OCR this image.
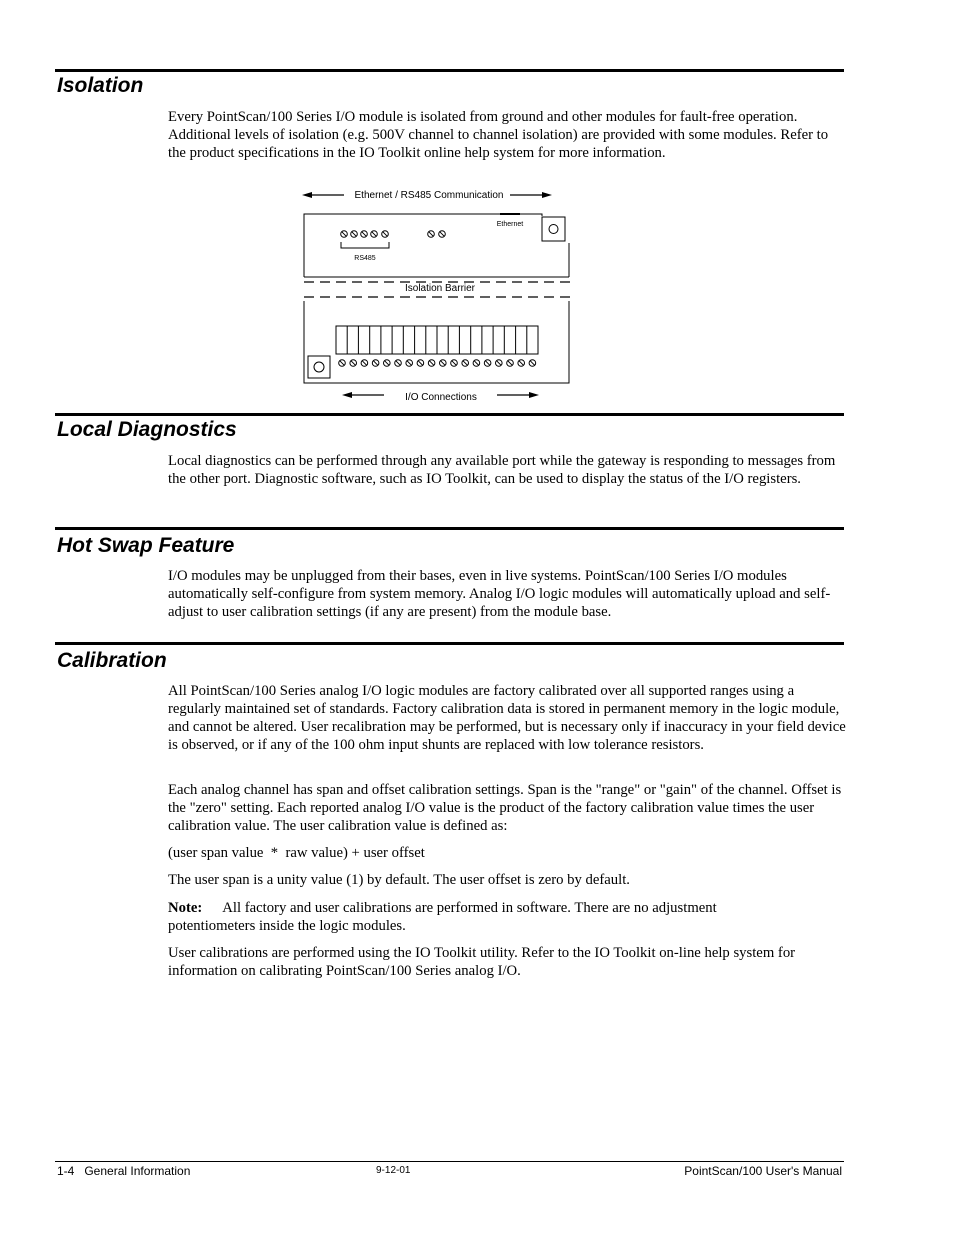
Isolation

Every PointScan/100 Series I/O module is isolated from ground and other modules for fault-free operation. Additional levels of isolation (e.g. 500V channel to channel isolation) are provided with some modules. Refer to the product specifications in the IO Toolkit online help system for more information.

Ethernet / RS485 Communication
Ethernet
RS485
Isolation Barrier
I/O Connections
Local Diagnostics

Local diagnostics can be performed through any available port while the gateway is responding to messages from the other port. Diagnostic software, such as IO Toolkit, can be used to display the status of the I/O registers.

Hot Swap Feature

I/O modules may be unplugged from their bases, even in live systems. PointScan/100 Series I/O modules automatically self-configure from system memory. Analog I/O logic modules will automatically upload and self-adjust to user calibration settings (if any are present) from the module base.

Calibration

All PointScan/100 Series analog I/O logic modules are factory calibrated over all supported ranges using a regularly maintained set of standards. Factory calibration data is stored in permanent memory in the logic module, and cannot be altered. User recalibration may be performed, but is necessary only if inaccuracy in your field device is observed, or if any of the 100 ohm input shunts are replaced with low tolerance resistors.

Each analog channel has span and offset calibration settings. Span is the "range" or "gain" of the channel. Offset is the "zero" setting. Each reported analog I/O value is the product of the factory calibration value times the user calibration value. The user calibration value is defined as:

(user span value  *  raw value) + user offset

The user span is a unity value (1) by default. The user offset is zero by default.

Note: All factory and user calibrations are performed in software. There are no adjustment potentiometers inside the logic modules.

User calibrations are performed using the IO Toolkit utility. Refer to the IO Toolkit on-line help system for information on calibrating PointScan/100 Series analog I/O.

1-4   General Information	9-12-01	PointScan/100 User's Manual
